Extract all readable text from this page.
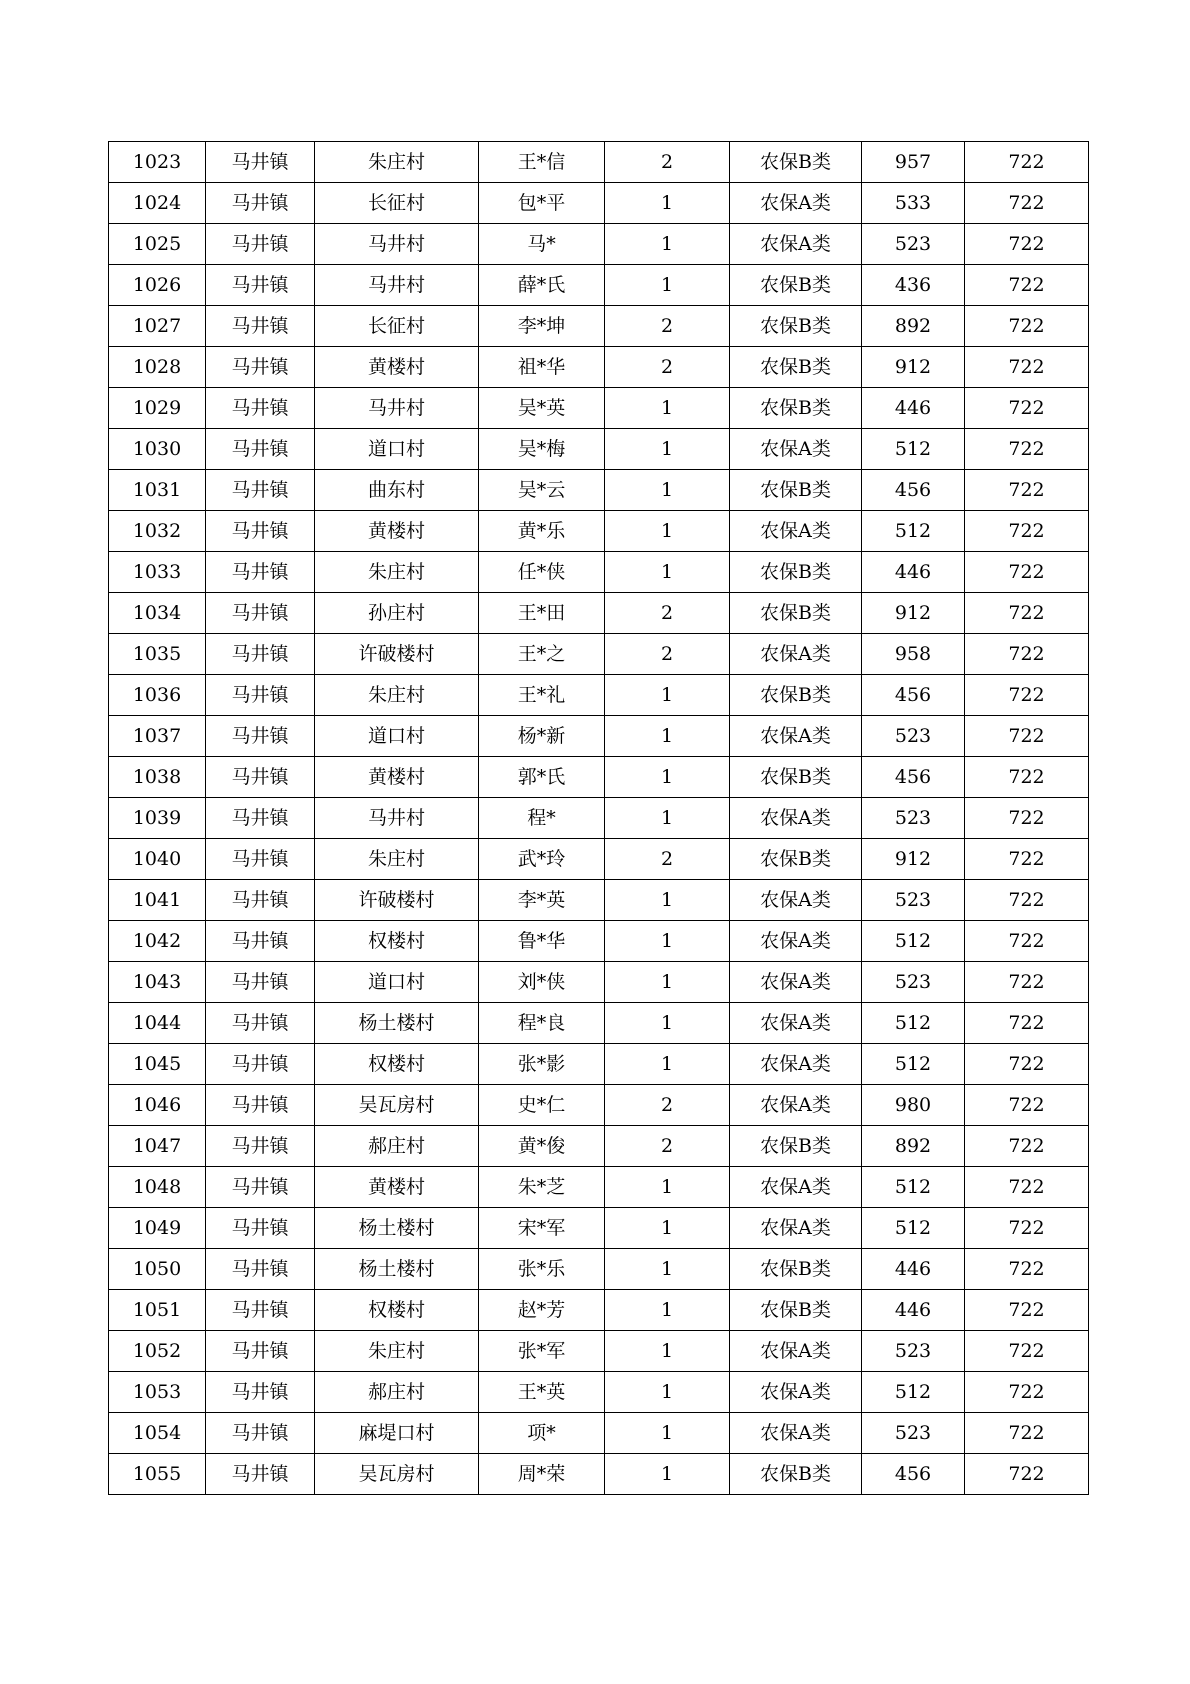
1023	马井镇	朱庄村	王*信	2	农保B类	957	722
1024	马井镇	长征村	包*平	1	农保A类	533	722
1025	马井镇	马井村	马*	1	农保A类	523	722
1026	马井镇	马井村	薛*氏	1	农保B类	436	722
1027	马井镇	长征村	李*坤	2	农保B类	892	722
1028	马井镇	黄楼村	祖*华	2	农保B类	912	722
1029	马井镇	马井村	吴*英	1	农保B类	446	722
1030	马井镇	道口村	吴*梅	1	农保A类	512	722
1031	马井镇	曲东村	吴*云	1	农保B类	456	722
1032	马井镇	黄楼村	黄*乐	1	农保A类	512	722
1033	马井镇	朱庄村	任*侠	1	农保B类	446	722
1034	马井镇	孙庄村	王*田	2	农保B类	912	722
1035	马井镇	许破楼村	王*之	2	农保A类	958	722
1036	马井镇	朱庄村	王*礼	1	农保B类	456	722
1037	马井镇	道口村	杨*新	1	农保A类	523	722
1038	马井镇	黄楼村	郭*氏	1	农保B类	456	722
1039	马井镇	马井村	程*	1	农保A类	523	722
1040	马井镇	朱庄村	武*玲	2	农保B类	912	722
1041	马井镇	许破楼村	李*英	1	农保A类	523	722
1042	马井镇	权楼村	鲁*华	1	农保A类	512	722
1043	马井镇	道口村	刘*侠	1	农保A类	523	722
1044	马井镇	杨土楼村	程*良	1	农保A类	512	722
1045	马井镇	权楼村	张*影	1	农保A类	512	722
1046	马井镇	吴瓦房村	史*仁	2	农保A类	980	722
1047	马井镇	郝庄村	黄*俊	2	农保B类	892	722
1048	马井镇	黄楼村	朱*芝	1	农保A类	512	722
1049	马井镇	杨土楼村	宋*军	1	农保A类	512	722
1050	马井镇	杨土楼村	张*乐	1	农保B类	446	722
1051	马井镇	权楼村	赵*芳	1	农保B类	446	722
1052	马井镇	朱庄村	张*军	1	农保A类	523	722
1053	马井镇	郝庄村	王*英	1	农保A类	512	722
1054	马井镇	麻堤口村	项*	1	农保A类	523	722
1055	马井镇	吴瓦房村	周*荣	1	农保B类	456	722
